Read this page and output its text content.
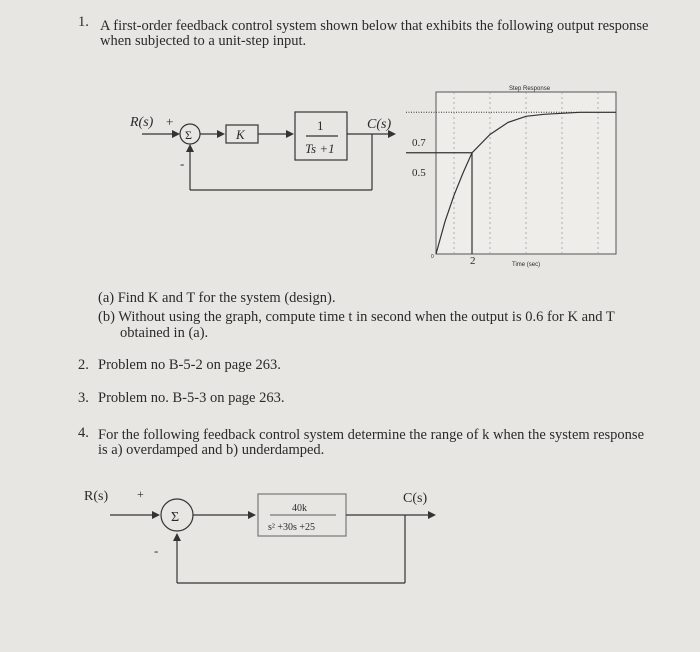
1. A first-order feedback control system shown below that exhibits the following output response
when subjected to a unit-step input.
R(s) +
-
Σ	K
1
Ts +1
C(s)
Step Response
Time (sec)
0.7
0.5
2
0
(a) Find K and T for the system (design).
(b) Without using the graph, compute time t in second when the output is 0.6 for K and T
obtained in (a).
2. Problem no B-5-2 on page 263.
3. Problem no. B-5-3 on page 263.
4. For the following feedback control system determine the range of k when the system response
is a) overdamped and b) underdamped.
R(s) +
-
Σ
40k
s² +30s +25
C(s)
